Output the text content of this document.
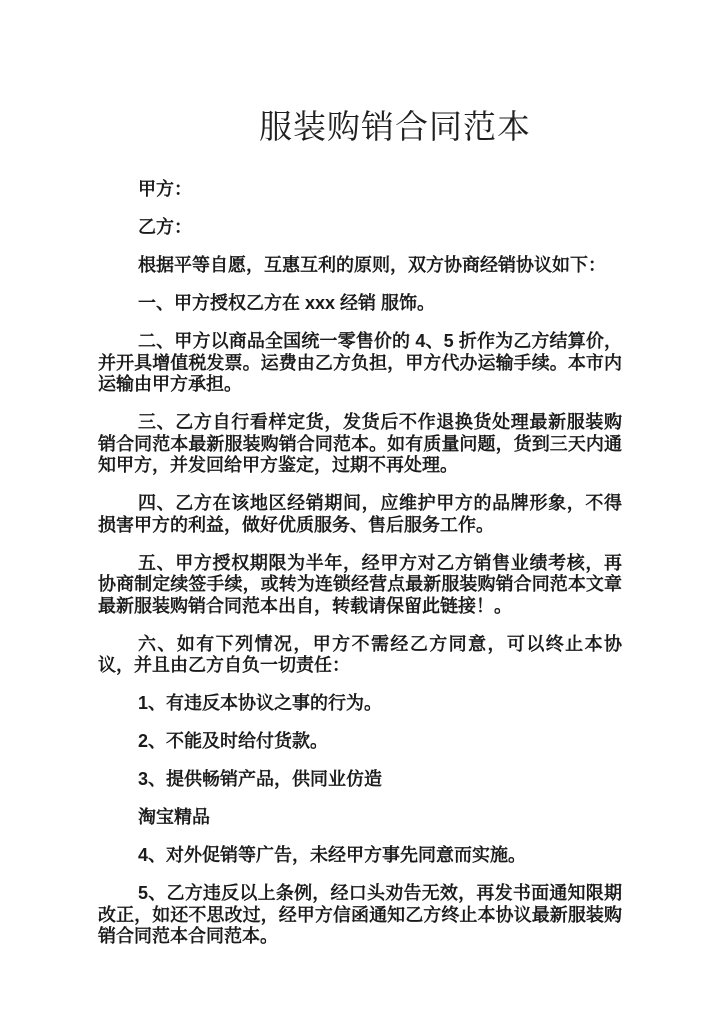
服装购销合同范本

甲方：

乙方：

根据平等自愿，互惠互利的原则，双方协商经销协议如下：

一、甲方授权乙方在 xxx 经销 服饰。

二、甲方以商品全国统一零售价的 4、5 折作为乙方结算价，并开具增值税发票。运费由乙方负担，甲方代办运输手续。本市内运输由甲方承担。

三、乙方自行看样定货，发货后不作退换货处理最新服装购销合同范本最新服装购销合同范本。如有质量问题，货到三天内通知甲方，并发回给甲方鉴定，过期不再处理。

四、乙方在该地区经销期间，应维护甲方的品牌形象，不得损害甲方的利益，做好优质服务、售后服务工作。

五、甲方授权期限为半年，经甲方对乙方销售业绩考核，再协商制定续签手续，或转为连锁经营点最新服装购销合同范本文章最新服装购销合同范本出自，转载请保留此链接！。

六、如有下列情况，甲方不需经乙方同意，可以终止本协议，并且由乙方自负一切责任：

1、有违反本协议之事的行为。

2、不能及时给付货款。

3、提供畅销产品，供同业仿造

淘宝精品

4、对外促销等广告，未经甲方事先同意而实施。

5、乙方违反以上条例，经口头劝告无效，再发书面通知限期改正，如还不思改过，经甲方信函通知乙方终止本协议最新服装购销合同范本合同范本。
